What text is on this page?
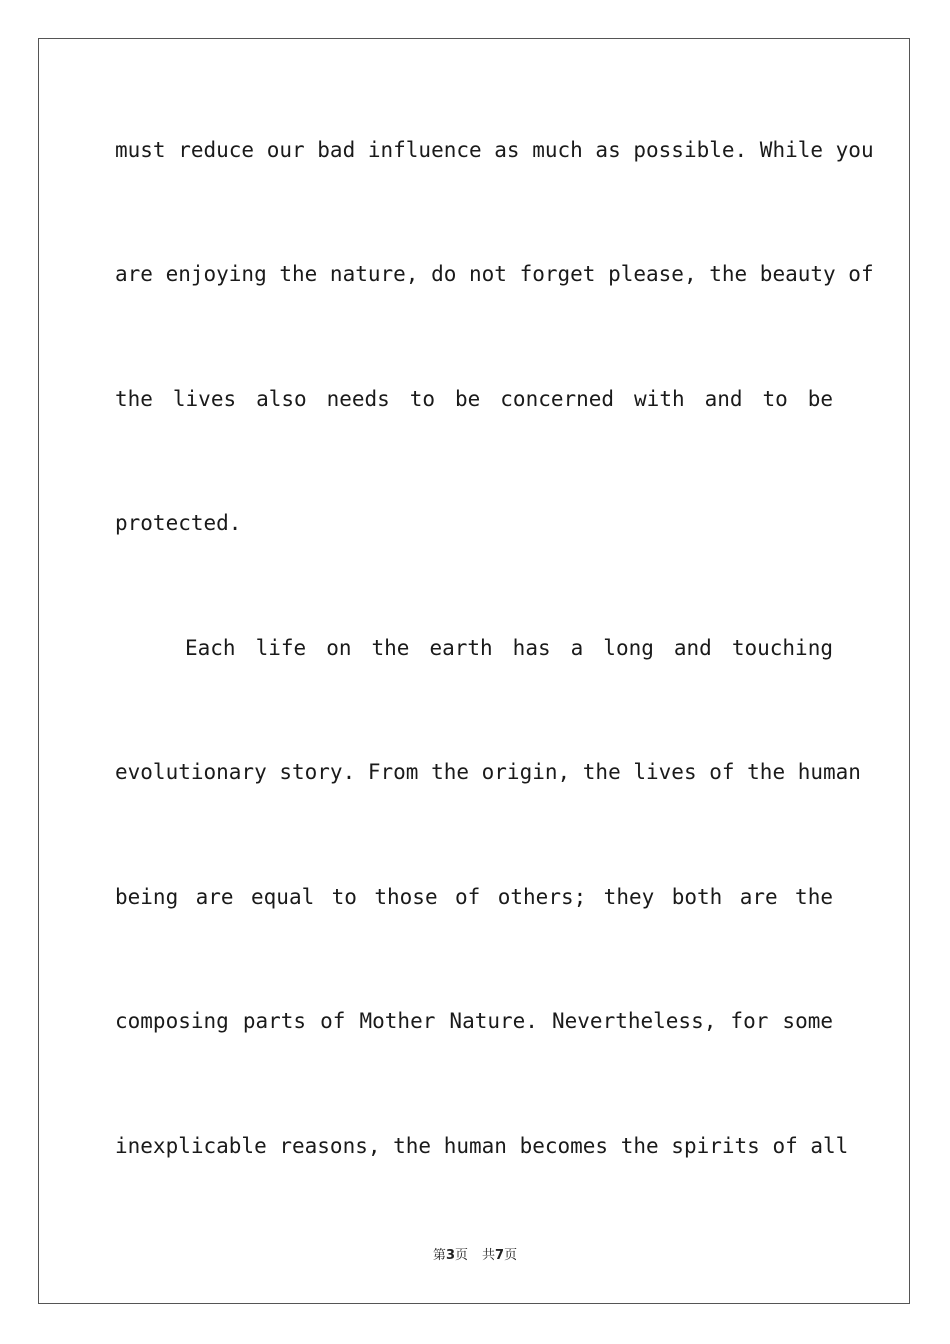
must reduce our bad influence as much as possible. While you

are enjoying the nature, do not forget please, the beauty of

the lives also needs to be concerned with and to be

protected.

Each life on the earth has a long and touching

evolutionary story. From the origin, the lives of the human

being are equal to those of others; they both are the

composing parts of Mother Nature. Nevertheless, for some

inexplicable reasons, the human becomes the spirits of all

第3页 共7页
